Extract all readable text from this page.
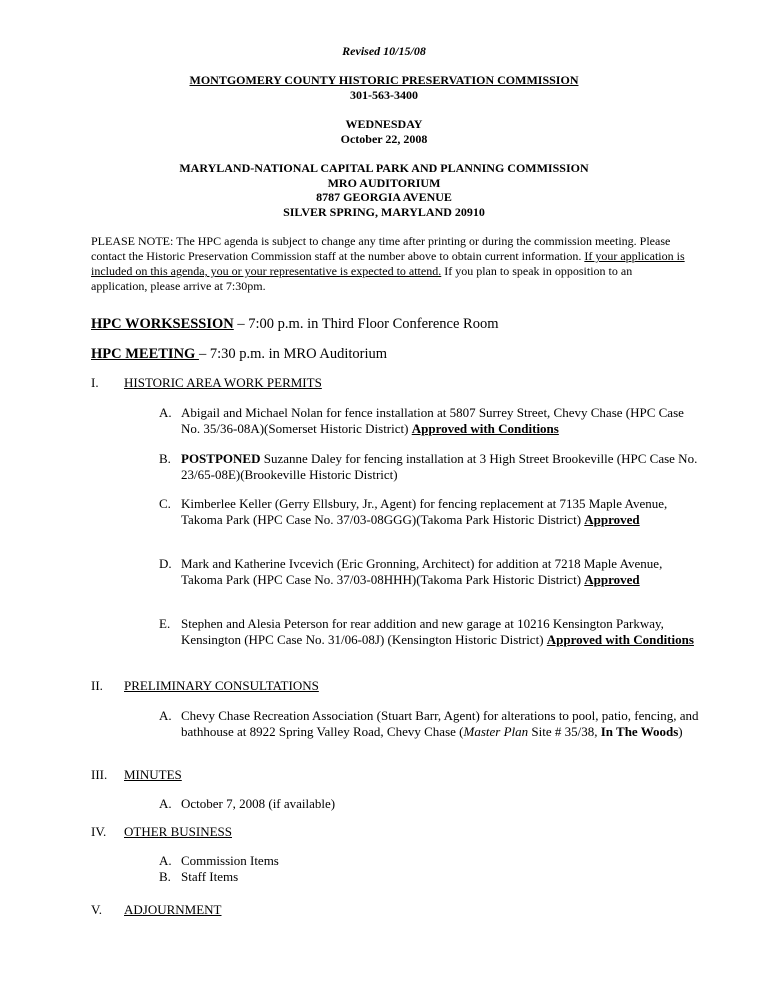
Revised 10/15/08
MONTGOMERY COUNTY HISTORIC PRESERVATION COMMISSION
301-563-3400
WEDNESDAY
October 22, 2008
MARYLAND-NATIONAL CAPITAL PARK AND PLANNING COMMISSION
MRO AUDITORIUM
8787 GEORGIA AVENUE
SILVER SPRING, MARYLAND 20910
PLEASE NOTE: The HPC agenda is subject to change any time after printing or during the commission meeting. Please contact the Historic Preservation Commission staff at the number above to obtain current information. If your application is included on this agenda, you or your representative is expected to attend. If you plan to speak in opposition to an application, please arrive at 7:30pm.
HPC WORKSESSION – 7:00 p.m. in Third Floor Conference Room
HPC MEETING – 7:30 p.m. in MRO Auditorium
I. HISTORIC AREA WORK PERMITS
A. Abigail and Michael Nolan for fence installation at 5807 Surrey Street, Chevy Chase (HPC Case No. 35/36-08A)(Somerset Historic District) Approved with Conditions
B. POSTPONED Suzanne Daley for fencing installation at 3 High Street Brookeville (HPC Case No. 23/65-08E)(Brookeville Historic District)
C. Kimberlee Keller (Gerry Ellsbury, Jr., Agent) for fencing replacement at 7135 Maple Avenue, Takoma Park (HPC Case No. 37/03-08GGG)(Takoma Park Historic District) Approved
D. Mark and Katherine Ivcevich (Eric Gronning, Architect) for addition at 7218 Maple Avenue, Takoma Park (HPC Case No. 37/03-08HHH)(Takoma Park Historic District) Approved
E. Stephen and Alesia Peterson for rear addition and new garage at 10216 Kensington Parkway, Kensington (HPC Case No. 31/06-08J) (Kensington Historic District) Approved with Conditions
II. PRELIMINARY CONSULTATIONS
A. Chevy Chase Recreation Association (Stuart Barr, Agent) for alterations to pool, patio, fencing, and bathhouse at 8922 Spring Valley Road, Chevy Chase (Master Plan Site # 35/38, In The Woods)
III. MINUTES
A. October 7, 2008 (if available)
IV. OTHER BUSINESS
A. Commission Items
B. Staff Items
V. ADJOURNMENT
